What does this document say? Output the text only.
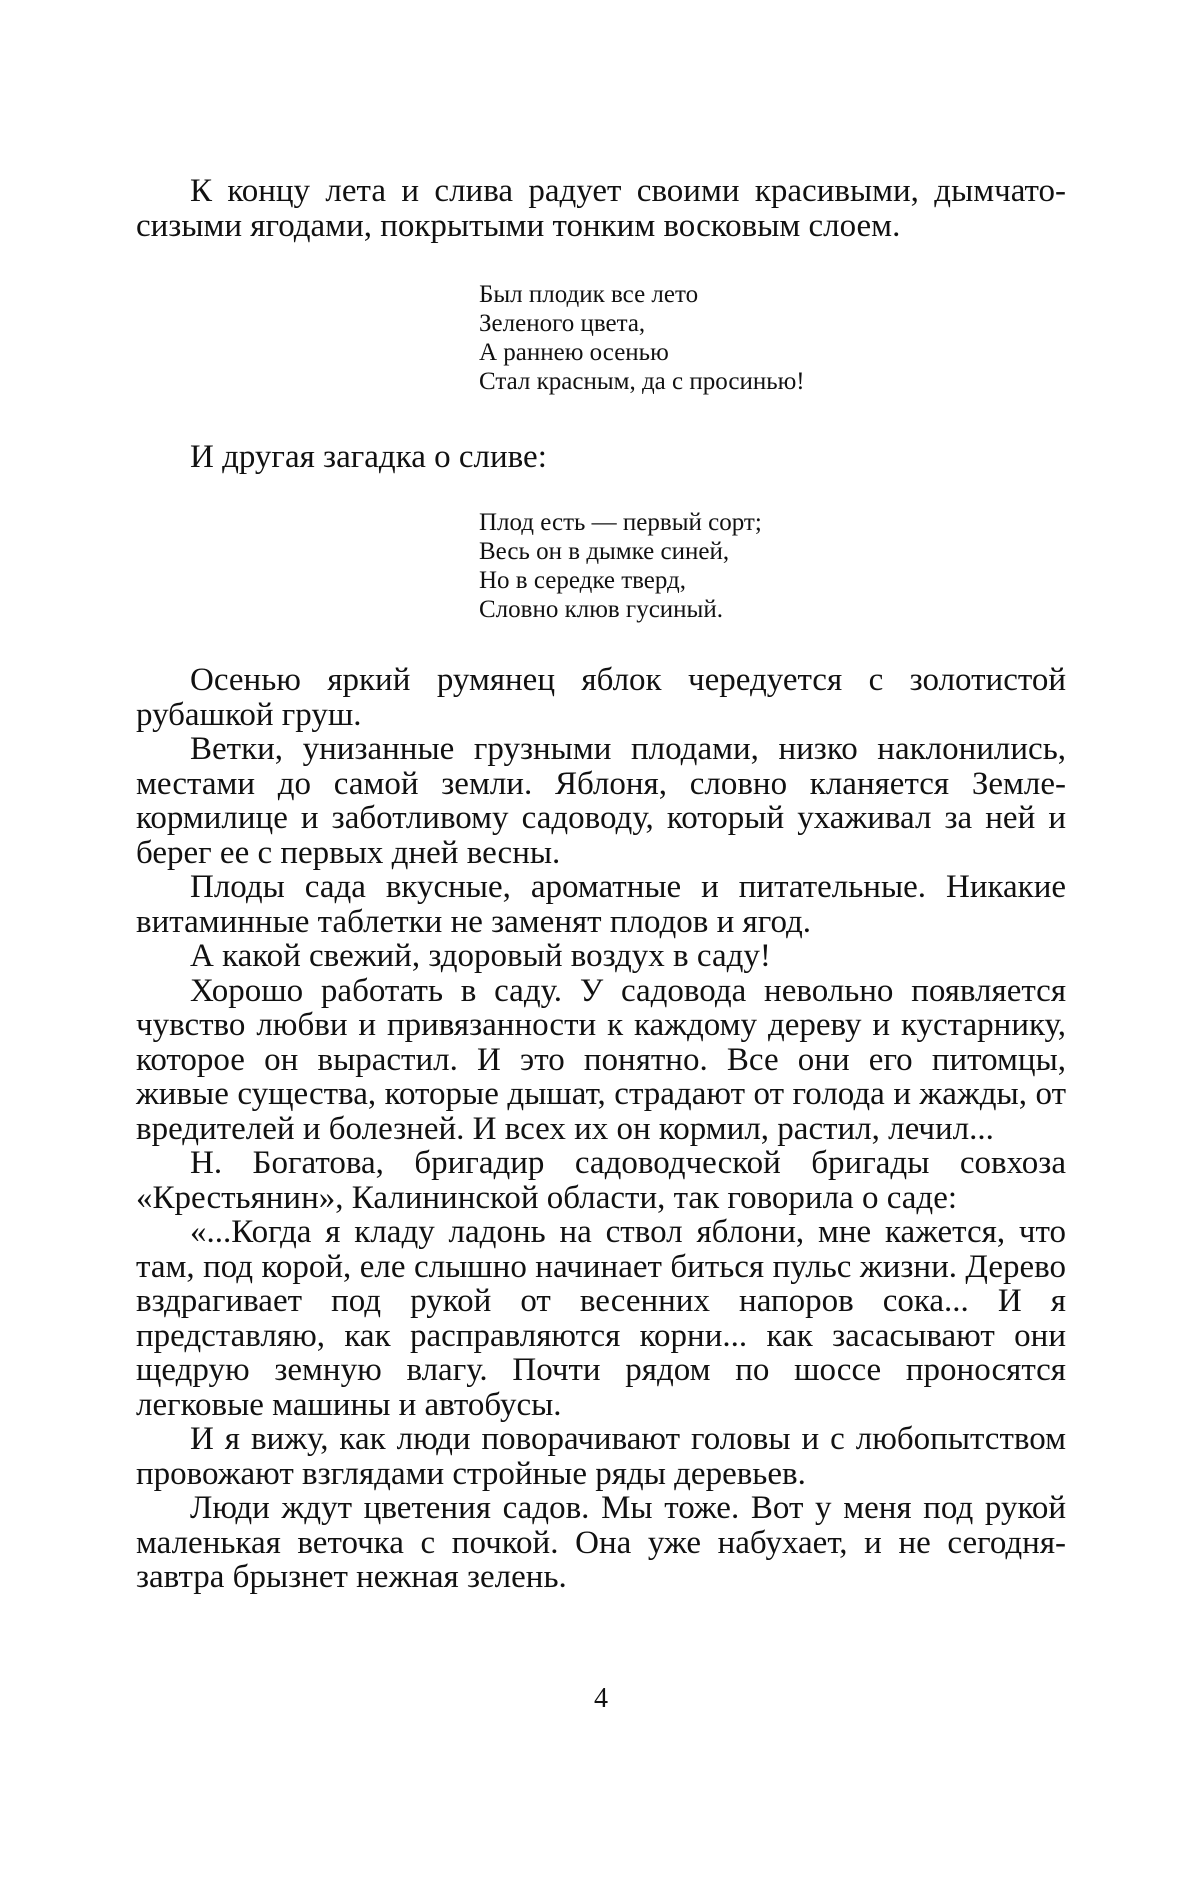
К концу лета и слива радует своими красивыми, дымчато-сизыми ягодами, покрытыми тонким восковым слоем.

Был плодик все лето
Зеленого цвета,
А раннею осенью
Стал красным, да с просинью!

И другая загадка о сливе:

Плод есть — первый сорт;
Весь он в дымке синей,
Но в середке тверд,
Словно клюв гусиный.

Осенью яркий румянец яблок чередуется с золотистой рубашкой груш.

Ветки, унизанные грузными плодами, низко наклонились, местами до самой земли. Яблоня, словно кланяется Земле-кормилице и заботливому садоводу, который ухаживал за ней и берег ее с первых дней весны.

Плоды сада вкусные, ароматные и питательные. Никакие витаминные таблетки не заменят плодов и ягод.

А какой свежий, здоровый воздух в саду!

Хорошо работать в саду. У садовода невольно появляется чувство любви и привязанности к каждому дереву и кустарнику, которое он вырастил. И это понятно. Все они его питомцы, живые существа, которые дышат, страдают от голода и жажды, от вредителей и болезней. И всех их он кормил, растил, лечил...

Н. Богатова, бригадир садоводческой бригады совхоза «Крестьянин», Калининской области, так говорила о саде:

«...Когда я кладу ладонь на ствол яблони, мне кажется, что там, под корой, еле слышно начинает биться пульс жизни. Дерево вздрагивает под рукой от весенних напоров сока... И я представляю, как расправляются корни... как засасывают они щедрую земную влагу. Почти рядом по шоссе проносятся легковые машины и автобусы.

И я вижу, как люди поворачивают головы и с любопытством провожают взглядами стройные ряды деревьев.

Люди ждут цветения садов. Мы тоже. Вот у меня под рукой маленькая веточка с почкой. Она уже набухает, и не сегодня-завтра брызнет нежная зелень.

4
